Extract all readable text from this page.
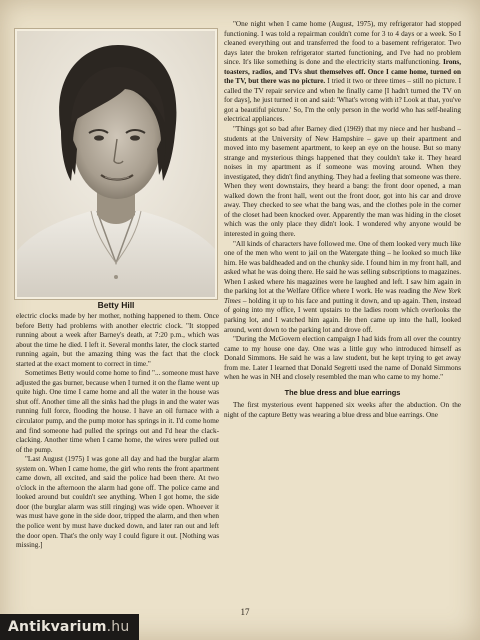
Betty Hill

electric clocks made by her mother, nothing happened to them. Once before Betty had problems with another electric clock. "It stopped running about a week after Barney's death, at 7:20 p.m., which was about the time he died. I left it. Several months later, the clock started running again, but the amazing thing was the fact that the clock started at the exact moment to correct in time."

Sometimes Betty would come home to find "... someone must have adjusted the gas burner, because when I turned it on the flame went up quite high. One time I came home and all the water in the house was shut off. Another time all the sinks had the plugs in and the water was running full force, flooding the house. I have an oil furnace with a circulator pump, and the pump motor has springs in it. I'd come home and find someone had pulled the springs out and I'd hear the clack-clacking. Another time when I came home, the wires were pulled out of the pump.

"Last August (1975) I was gone all day and had the burglar alarm system on. When I came home, the girl who rents the front apartment came down, all excited, and said the police had been there. At two o'clock in the afternoon the alarm had gone off. The police came and looked around but couldn't see anything. When I got home, the side door (the burglar alarm was still ringing) was wide open. Whoever it was must have gone in the side door, tripped the alarm, and then when the police went by must have ducked down, and later ran out and left the door open. That's the only way I could figure it out. [Nothing was missing.]

"One night when I came home (August, 1975), my refrigerator had stopped functioning. I was told a repairman couldn't come for 3 to 4 days or a week. So I cleaned everything out and transferred the food to a basement refrigerator. Two days later the broken refrigerator started functioning, and I've had no problem since. It's like something is done and the electricity starts malfunctioning. Irons, toasters, radios, and TVs shut themselves off. Once I came home, turned on the TV, but there was no picture. I tried it two or three times – still no picture. I called the TV repair service and when he finally came [I hadn't turned the TV on for days], he just turned it on and said: 'What's wrong with it? Look at that, you've got a beautiful picture.' So, I'm the only person in the world who has self-healing electrical appliances.

"Things got so bad after Barney died (1969) that my niece and her husband – students at the University of New Hampshire – gave up their apartment and moved into my basement apartment, to keep an eye on the house. But so many strange and mysterious things happened that they couldn't take it. They heard noises in my apartment as if someone was moving around. When they investigated, they didn't find anything. They had a feeling that someone was there. When they went downstairs, they heard a bang: the front door opened, a man walked down the front hall, went out the front door, got into his car and drove away. They checked to see what the bang was, and the clothes pole in the corner of the closet had been knocked over. Apparently the man was hiding in the closet which was the only place they didn't look. I wondered why anyone would be interested in going there.

"All kinds of characters have followed me. One of them looked very much like one of the men who went to jail on the Watergate thing – he looked so much like him. He was baldheaded and on the chunky side. I found him in my front hall, and asked what he was doing there. He said he was selling subscriptions to magazines. When I asked where his magazines were he laughed and left. I saw him again in the parking lot at the Welfare Office where I work. He was reading the New York Times – holding it up to his face and putting it down, and up again. Then, instead of going into my office, I went upstairs to the ladies room which overlooks the parking lot, and I watched him again. He then came up into the hall, looked around, went down to the parking lot and drove off.

"During the McGovern election campaign I had kids from all over the country came to my house one day. One was a little guy who introduced himself as Donald Simmons. He said he was a law student, but he kept trying to get away from me. Later I learned that Donald Segretti used the name of Donald Simmons when he was in NH and closely resembled the man who came to my home."

The blue dress and blue earrings

The first mysterious event happened six weeks after the abduction. On the night of the capture Betty was wearing a blue dress and blue earrings. One

17
Antikvarium.hu
